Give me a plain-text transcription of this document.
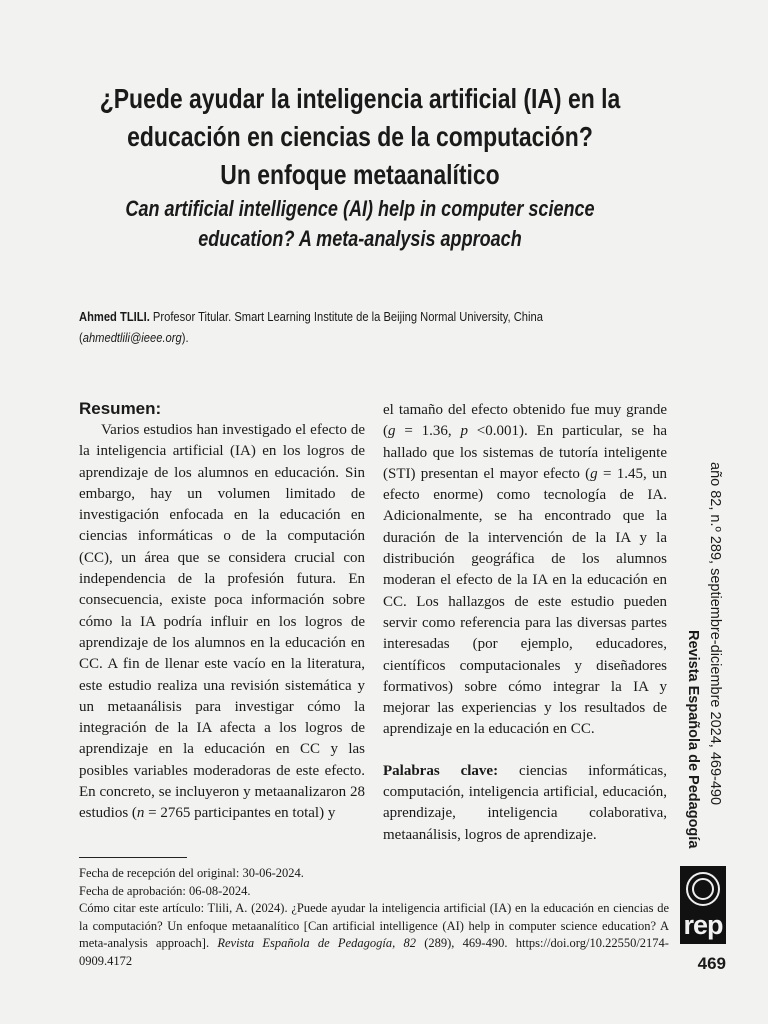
¿Puede ayudar la inteligencia artificial (IA) en la
educación en ciencias de la computación?
Un enfoque metaanalítico
Can artificial intelligence (AI) help in computer science
education? A meta-analysis approach
Ahmed TLILI. Profesor Titular. Smart Learning Institute de la Beijing Normal University, China
(ahmedtlili@ieee.org).
Resumen:
Varios estudios han investigado el efecto de la inteligencia artificial (IA) en los logros de aprendizaje de los alumnos en educación. Sin embargo, hay un volumen limitado de investigación enfocada en la educación en ciencias informáticas o de la computación (CC), un área que se considera crucial con independencia de la profesión futura. En consecuencia, existe poca información sobre cómo la IA podría influir en los logros de aprendizaje de los alumnos en la educación en CC. A fin de llenar este vacío en la literatura, este estudio realiza una revisión sistemática y un metaanálisis para investigar cómo la integración de la IA afecta a los logros de aprendizaje en la educación en CC y las posibles variables moderadoras de este efecto. En concreto, se incluyeron y metaanalizaron 28 estudios (n = 2765 participantes en total) y
el tamaño del efecto obtenido fue muy grande (g = 1.36, p <0.001). En particular, se ha hallado que los sistemas de tutoría inteligente (STI) presentan el mayor efecto (g = 1.45, un efecto enorme) como tecnología de IA. Adicionalmente, se ha encontrado que la duración de la intervención de la IA y la distribución geográfica de los alumnos moderan el efecto de la IA en la educación en CC. Los hallazgos de este estudio pueden servir como referencia para las diversas partes interesadas (por ejemplo, educadores, científicos computacionales y diseñadores formativos) sobre cómo integrar la IA y mejorar las experiencias y los resultados de aprendizaje en la educación en CC.
Palabras clave: ciencias informáticas, computación, inteligencia artificial, educación, aprendizaje, inteligencia colaborativa, metaanálisis, logros de aprendizaje.
Fecha de recepción del original: 30-06-2024.
Fecha de aprobación: 06-08-2024.
Cómo citar este artículo: Tlili, A. (2024). ¿Puede ayudar la inteligencia artificial (IA) en la educación en ciencias de la computación? Un enfoque metaanalítico [Can artificial intelligence (AI) help in computer science education? A meta-analysis approach]. Revista Española de Pedagogía, 82 (289), 469-490. https://doi.org/10.22550/2174-0909.4172
año 82, n.º 289, septiembre-diciembre 2024, 469-490
Revista Española de Pedagogía
rep
469
